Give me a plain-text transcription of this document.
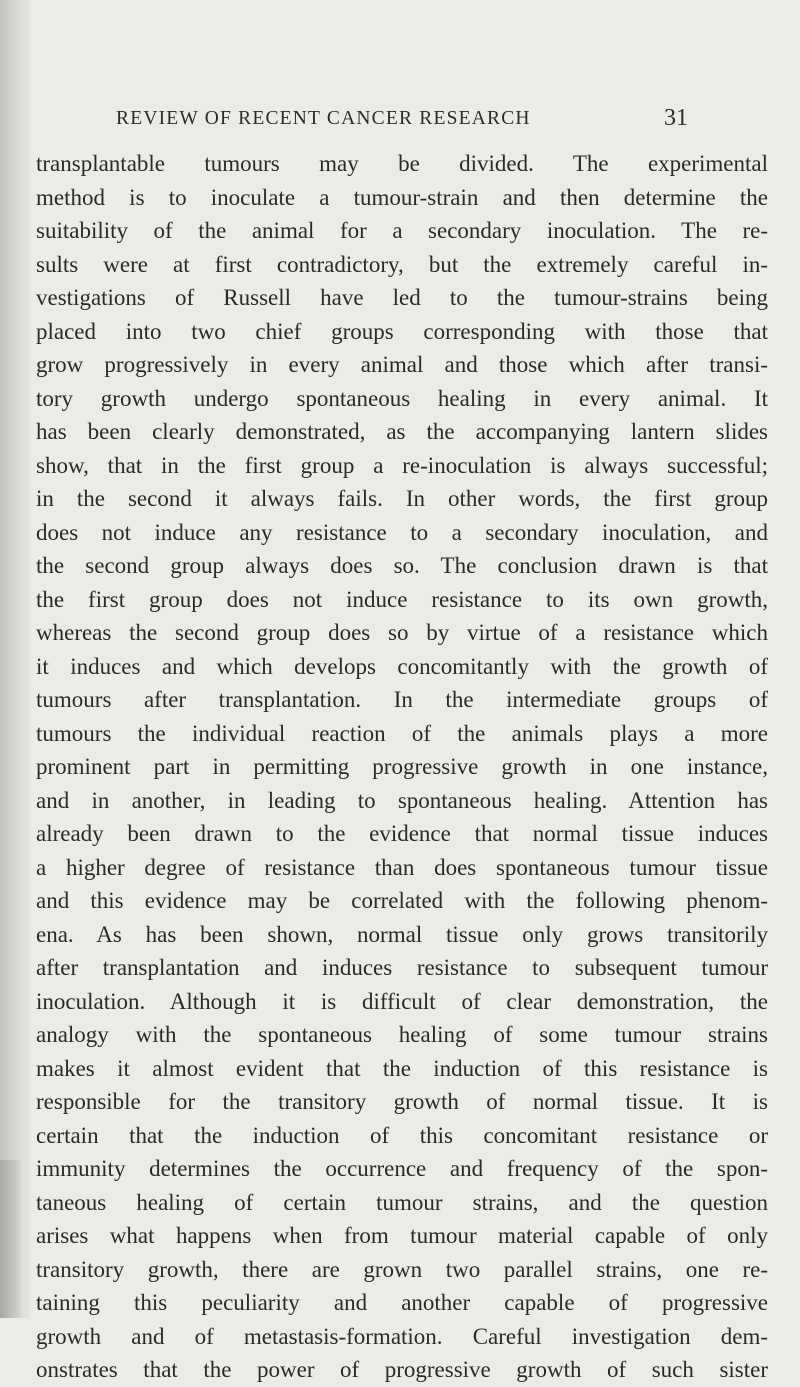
REVIEW OF RECENT CANCER RESEARCH	31
transplantable tumours may be divided. The experimental
method is to inoculate a tumour-strain and then determine the
suitability of the animal for a secondary inoculation. The re-
sults were at first contradictory, but the extremely careful in-
vestigations of Russell have led to the tumour-strains being
placed into two chief groups corresponding with those that
grow progressively in every animal and those which after transi-
tory growth undergo spontaneous healing in every animal. It
has been clearly demonstrated, as the accompanying lantern slides
show, that in the first group a re-inoculation is always successful;
in the second it always fails. In other words, the first group
does not induce any resistance to a secondary inoculation, and
the second group always does so. The conclusion drawn is that
the first group does not induce resistance to its own growth,
whereas the second group does so by virtue of a resistance which
it induces and which develops concomitantly with the growth of
tumours after transplantation. In the intermediate groups of
tumours the individual reaction of the animals plays a more
prominent part in permitting progressive growth in one instance,
and in another, in leading to spontaneous healing. Attention has
already been drawn to the evidence that normal tissue induces
a higher degree of resistance than does spontaneous tumour tissue
and this evidence may be correlated with the following phenom-
ena. As has been shown, normal tissue only grows transitorily
after transplantation and induces resistance to subsequent tumour
inoculation. Although it is difficult of clear demonstration, the
analogy with the spontaneous healing of some tumour strains
makes it almost evident that the induction of this resistance is
responsible for the transitory growth of normal tissue. It is
certain that the induction of this concomitant resistance or
immunity determines the occurrence and frequency of the spon-
taneous healing of certain tumour strains, and the question
arises what happens when from tumour material capable of only
transitory growth, there are grown two parallel strains, one re-
taining this peculiarity and another capable of progressive
growth and of metastasis-formation. Careful investigation dem-
onstrates that the power of progressive growth of such sister
